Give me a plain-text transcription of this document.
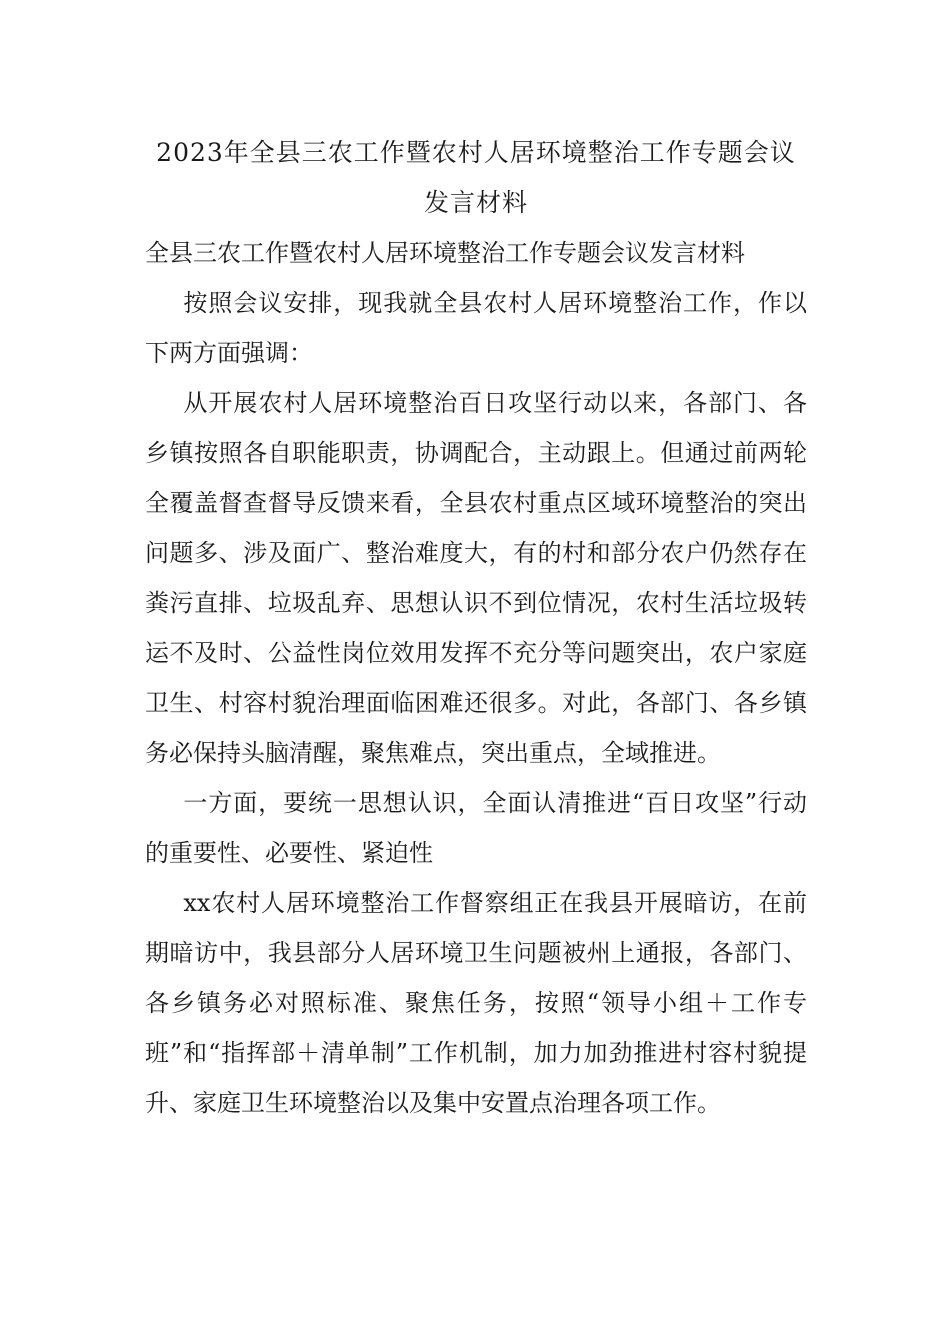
2023年全县三农工作暨农村人居环境整治工作专题会议发言材料

全县三农工作暨农村人居环境整治工作专题会议发言材料

按照会议安排，现我就全县农村人居环境整治工作，作以下两方面强调：

从开展农村人居环境整治百日攻坚行动以来，各部门、各乡镇按照各自职能职责，协调配合，主动跟上。但通过前两轮全覆盖督查督导反馈来看，全县农村重点区域环境整治的突出问题多、涉及面广、整治难度大，有的村和部分农户仍然存在粪污直排、垃圾乱弃、思想认识不到位情况，农村生活垃圾转运不及时、公益性岗位效用发挥不充分等问题突出，农户家庭卫生、村容村貌治理面临困难还很多。对此，各部门、各乡镇务必保持头脑清醒，聚焦难点，突出重点，全域推进。

一方面，要统一思想认识，全面认清推进“百日攻坚”行动的重要性、必要性、紧迫性

xx农村人居环境整治工作督察组正在我县开展暗访，在前期暗访中，我县部分人居环境卫生问题被州上通报，各部门、各乡镇务必对照标准、聚焦任务，按照“领导小组＋工作专班”和“指挥部＋清单制”工作机制，加力加劲推进村容村貌提升、家庭卫生环境整治以及集中安置点治理各项工作。
